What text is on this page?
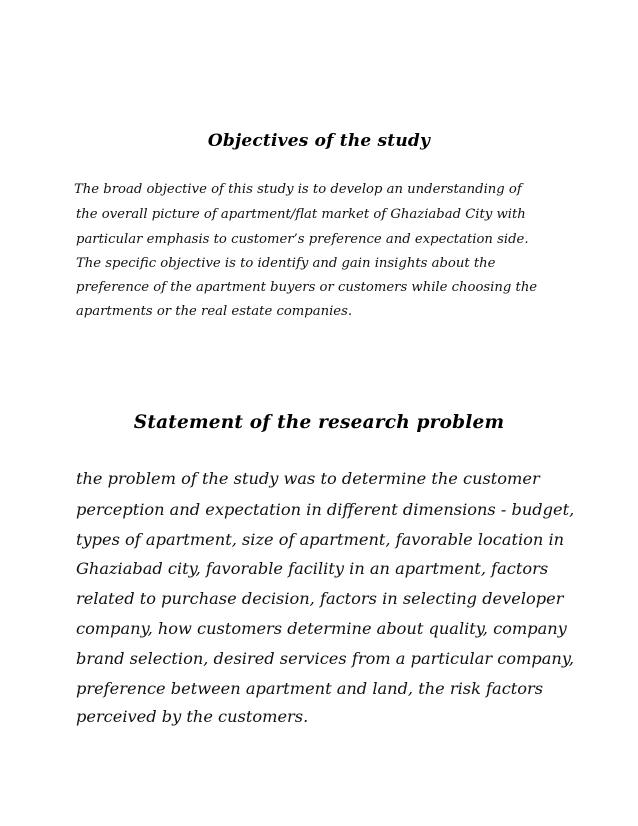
Objectives of the study
The broad objective of this study is to develop an understanding of
the overall picture of apartment/flat market of Ghaziabad City with
particular emphasis to customer’s preference and expectation side.
The specific objective is to identify and gain insights about the
preference of the apartment buyers or customers while choosing the
apartments or the real estate companies.
Statement of the research problem
the problem of the study was to determine the customer
perception and expectation in different dimensions - budget,
types of apartment, size of apartment, favorable location in
Ghaziabad city, favorable facility in an apartment, factors
related to purchase decision, factors in selecting developer
company, how customers determine about quality, company
brand selection, desired services from a particular company,
preference between apartment and land, the risk factors
perceived by the customers.
